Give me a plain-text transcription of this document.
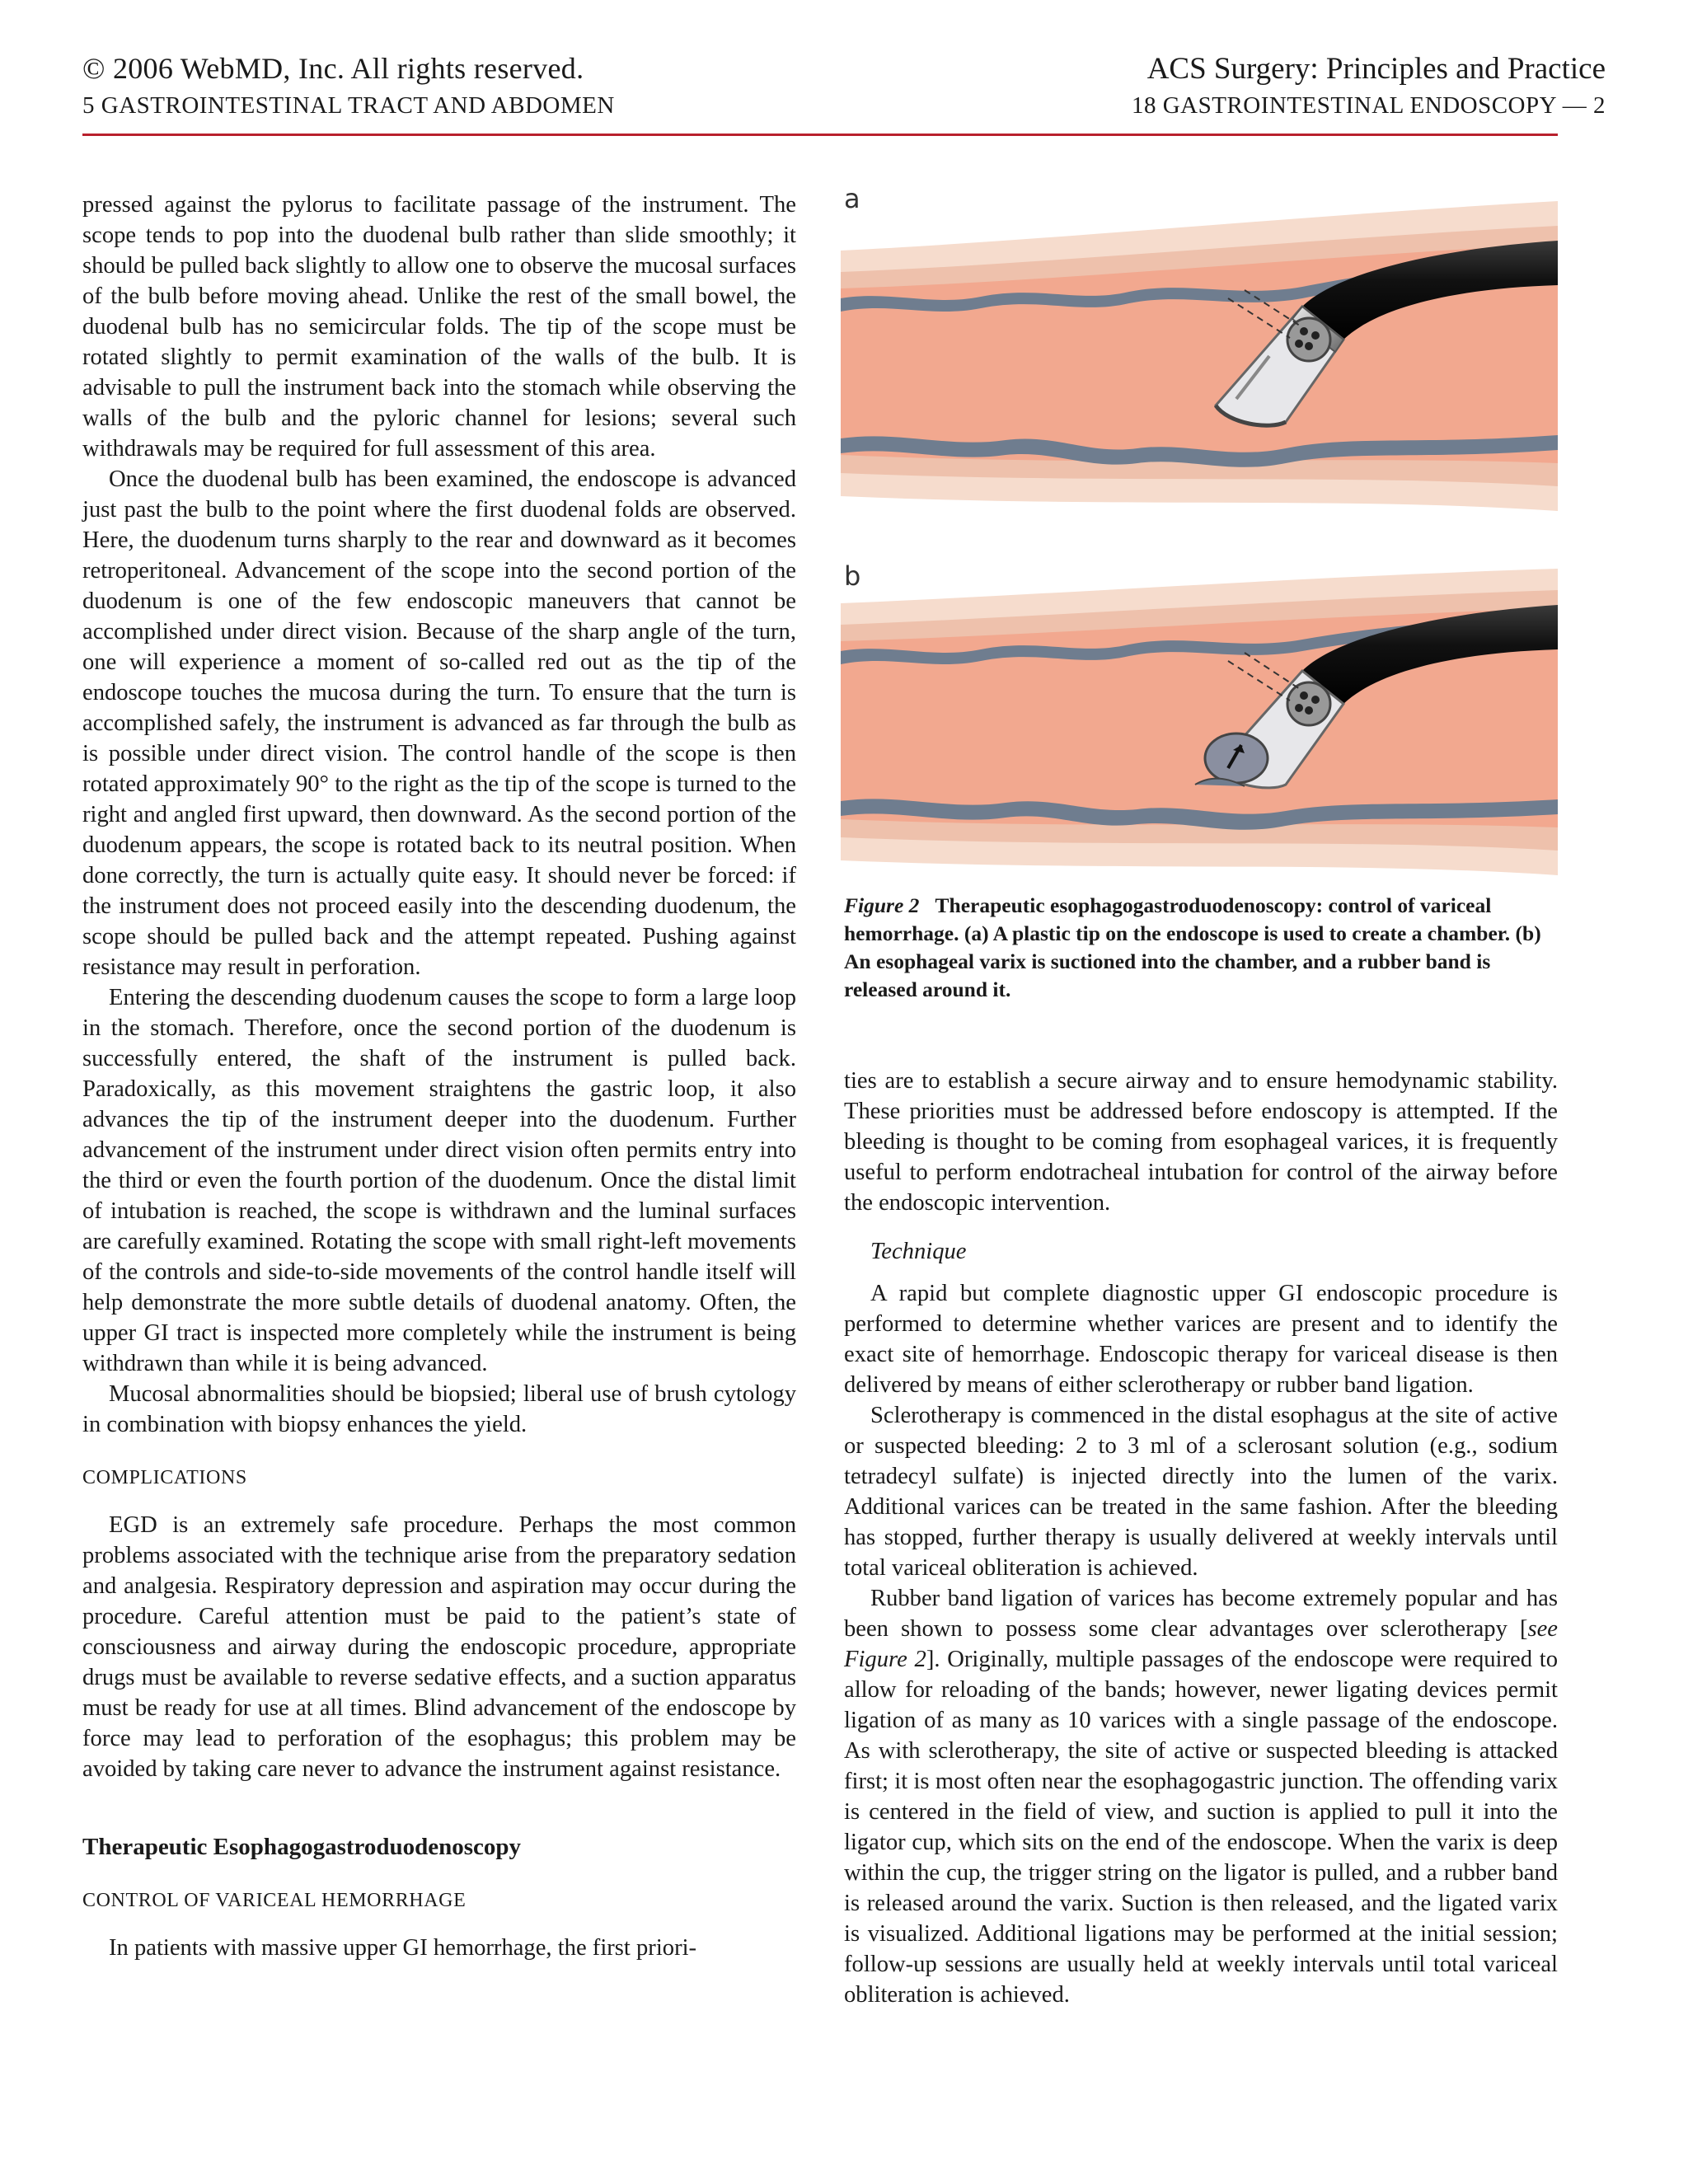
© 2006 WebMD, Inc. All rights reserved.
5 GASTROINTESTINAL TRACT AND ABDOMEN
ACS Surgery: Principles and Practice
18 GASTROINTESTINAL ENDOSCOPY — 2

pressed against the pylorus to facilitate passage of the instrument. The scope tends to pop into the duodenal bulb rather than slide smoothly; it should be pulled back slightly to allow one to observe the mucosal surfaces of the bulb before moving ahead. Unlike the rest of the small bowel, the duodenal bulb has no semicircular folds. The tip of the scope must be rotated slightly to permit examination of the walls of the bulb. It is advisable to pull the instrument back into the stomach while observing the walls of the bulb and the pyloric channel for lesions; several such withdrawals may be required for full assessment of this area.

Once the duodenal bulb has been examined, the endoscope is advanced just past the bulb to the point where the first duodenal folds are observed. Here, the duodenum turns sharply to the rear and downward as it becomes retroperitoneal. Advancement of the scope into the second portion of the duodenum is one of the few endoscopic maneuvers that cannot be accomplished under direct vision. Because of the sharp angle of the turn, one will experience a moment of so-called red out as the tip of the endoscope touches the mucosa during the turn. To ensure that the turn is accomplished safely, the instrument is advanced as far through the bulb as is possible under direct vision. The control handle of the scope is then rotated approximately 90° to the right as the tip of the scope is turned to the right and angled first upward, then downward. As the second portion of the duodenum appears, the scope is rotated back to its neutral position. When done correctly, the turn is actually quite easy. It should never be forced: if the instrument does not proceed easily into the descending duodenum, the scope should be pulled back and the attempt repeated. Pushing against resistance may result in perforation.

Entering the descending duodenum causes the scope to form a large loop in the stomach. Therefore, once the second portion of the duodenum is successfully entered, the shaft of the instrument is pulled back. Paradoxically, as this movement straightens the gastric loop, it also advances the tip of the instrument deeper into the duodenum. Further advancement of the instrument under direct vision often permits entry into the third or even the fourth portion of the duodenum. Once the distal limit of intubation is reached, the scope is withdrawn and the luminal surfaces are carefully examined. Rotating the scope with small right-left movements of the controls and side-to-side movements of the control handle itself will help demonstrate the more subtle details of duodenal anatomy. Often, the upper GI tract is inspected more completely while the instrument is being withdrawn than while it is being advanced.

Mucosal abnormalities should be biopsied; liberal use of brush cytology in combination with biopsy enhances the yield.

COMPLICATIONS

EGD is an extremely safe procedure. Perhaps the most common problems associated with the technique arise from the preparatory sedation and analgesia. Respiratory depression and aspiration may occur during the procedure. Careful attention must be paid to the patient’s state of consciousness and airway during the endoscopic procedure, appropriate drugs must be available to reverse sedative effects, and a suction apparatus must be ready for use at all times. Blind advancement of the endoscope by force may lead to perforation of the esophagus; this problem may be avoided by taking care never to advance the instrument against resistance.

Therapeutic Esophagogastroduodenoscopy
CONTROL OF VARICEAL HEMORRHAGE

In patients with massive upper GI hemorrhage, the first priori-

a
b
Figure 2 Therapeutic esophagogastroduodenoscopy: control of variceal hemorrhage. (a) A plastic tip on the endoscope is used to create a chamber. (b) An esophageal varix is suctioned into the chamber, and a rubber band is released around it.

ties are to establish a secure airway and to ensure hemodynamic stability. These priorities must be addressed before endoscopy is attempted. If the bleeding is thought to be coming from esophageal varices, it is frequently useful to perform endotracheal intubation for control of the airway before the endoscopic intervention.

Technique

A rapid but complete diagnostic upper GI endoscopic procedure is performed to determine whether varices are present and to identify the exact site of hemorrhage. Endoscopic therapy for variceal disease is then delivered by means of either sclerotherapy or rubber band ligation.

Sclerotherapy is commenced in the distal esophagus at the site of active or suspected bleeding: 2 to 3 ml of a sclerosant solution (e.g., sodium tetradecyl sulfate) is injected directly into the lumen of the varix. Additional varices can be treated in the same fashion. After the bleeding has stopped, further therapy is usually delivered at weekly intervals until total variceal obliteration is achieved.

Rubber band ligation of varices has become extremely popular and has been shown to possess some clear advantages over sclerotherapy [see Figure 2]. Originally, multiple passages of the endoscope were required to allow for reloading of the bands; however, newer ligating devices permit ligation of as many as 10 varices with a single passage of the endoscope. As with sclerotherapy, the site of active or suspected bleeding is attacked first; it is most often near the esophagogastric junction. The offending varix is centered in the field of view, and suction is applied to pull it into the ligator cup, which sits on the end of the endoscope. When the varix is deep within the cup, the trigger string on the ligator is pulled, and a rubber band is released around the varix. Suction is then released, and the ligated varix is visualized. Additional ligations may be performed at the initial session; follow-up sessions are usually held at weekly intervals until total variceal obliteration is achieved.
